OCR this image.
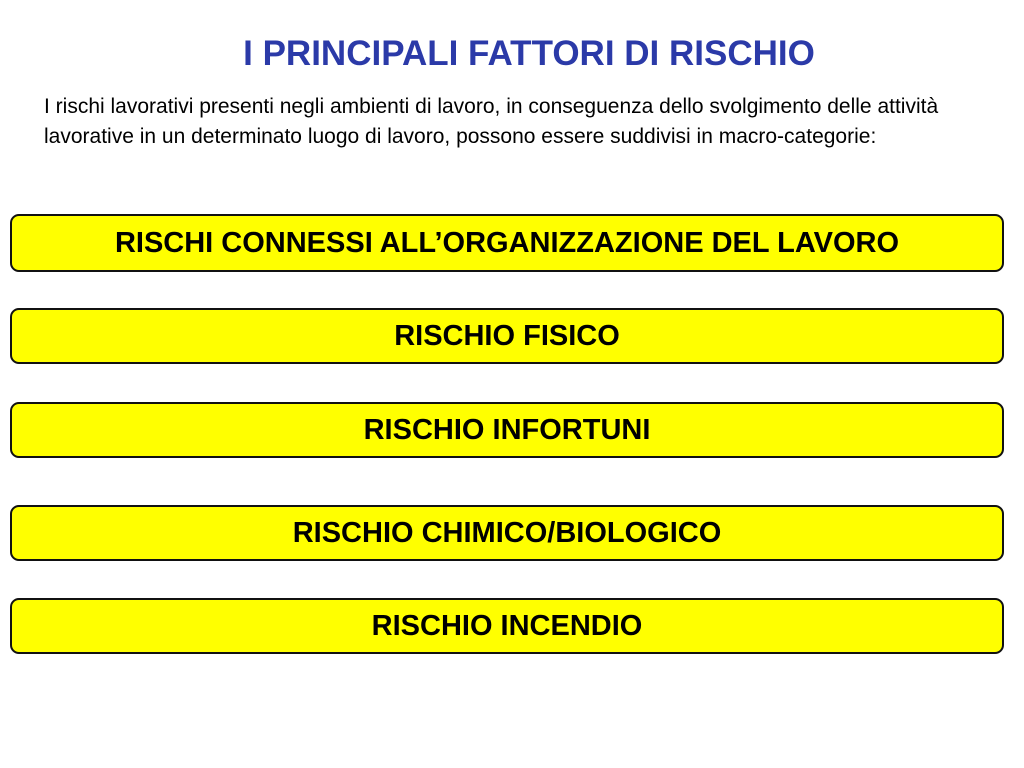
I PRINCIPALI FATTORI DI RISCHIO

I rischi lavorativi presenti negli ambienti di lavoro, in conseguenza dello svolgimento delle attività lavorative in un determinato luogo di lavoro, possono essere suddivisi in macro-categorie:

RISCHI CONNESSI ALL’ORGANIZZAZIONE DEL LAVORO
RISCHIO FISICO
RISCHIO INFORTUNI
RISCHIO CHIMICO/BIOLOGICO
RISCHIO INCENDIO
